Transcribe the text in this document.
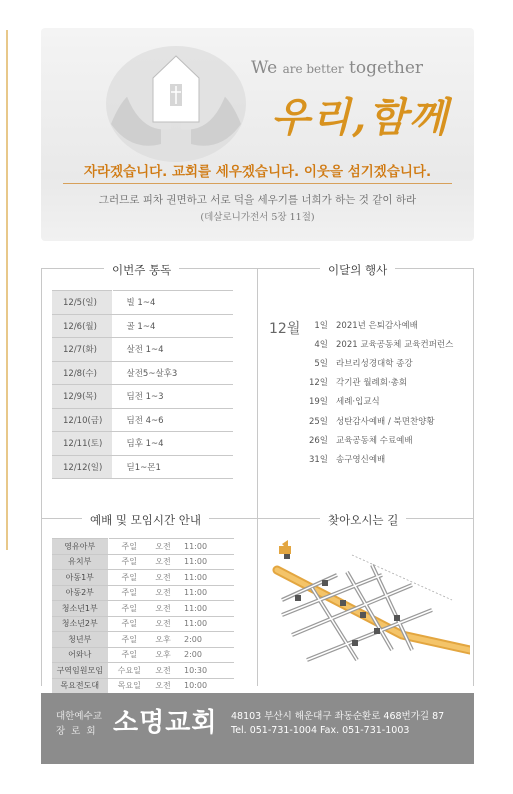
We are better together
우리,함께
자라겠습니다. 교회를 세우겠습니다. 이웃을 섬기겠습니다.
그러므로 피차 권면하고 서로 덕을 세우기를 너희가 하는 것 같이 하라
(데살로니가전서 5장 11절)
이번주 통독
12/5(일)	빌 1~4
12/6(월)	골 1~4
12/7(화)	살전 1~4
12/8(수)	살전5~살후3
12/9(목)	딤전 1~3
12/10(금)	딤전 4~6
12/11(토)	딤후 1~4
12/12(일)	딛1~몬1
이달의 행사
12월	1일 2021년 은퇴감사예배
4일 2021 교육공동체 교육컨퍼런스
5일 라브리성경대학 종강
12일 각기관 월례회·총회
19일 세례·입교식
25일 성탄감사예배 / 북면찬양황
26일 교육공동체 수료예배
31일 송구영신예배
예배 및 모임시간 안내
영유아부	주일	오전	11:00
유치부	주일	오전	11:00
아동1부	주일	오전	11:00
아동2부	주일	오전	11:00
청소년1부	주일	오전	11:00
청소년2부	주일	오전	11:00
청년부	주일	오후	2:00
어와나	주일	오후	2:00
구역임원모임	수요일	오전	10:30
목요전도대	목요일	오전	10:00

찾아오시는 길
대한예수교
장로회 소명교회 48103 부산시 해운대구 좌동순환로 468번가길 87
Tel. 051-731-1004 Fax. 051-731-1003
